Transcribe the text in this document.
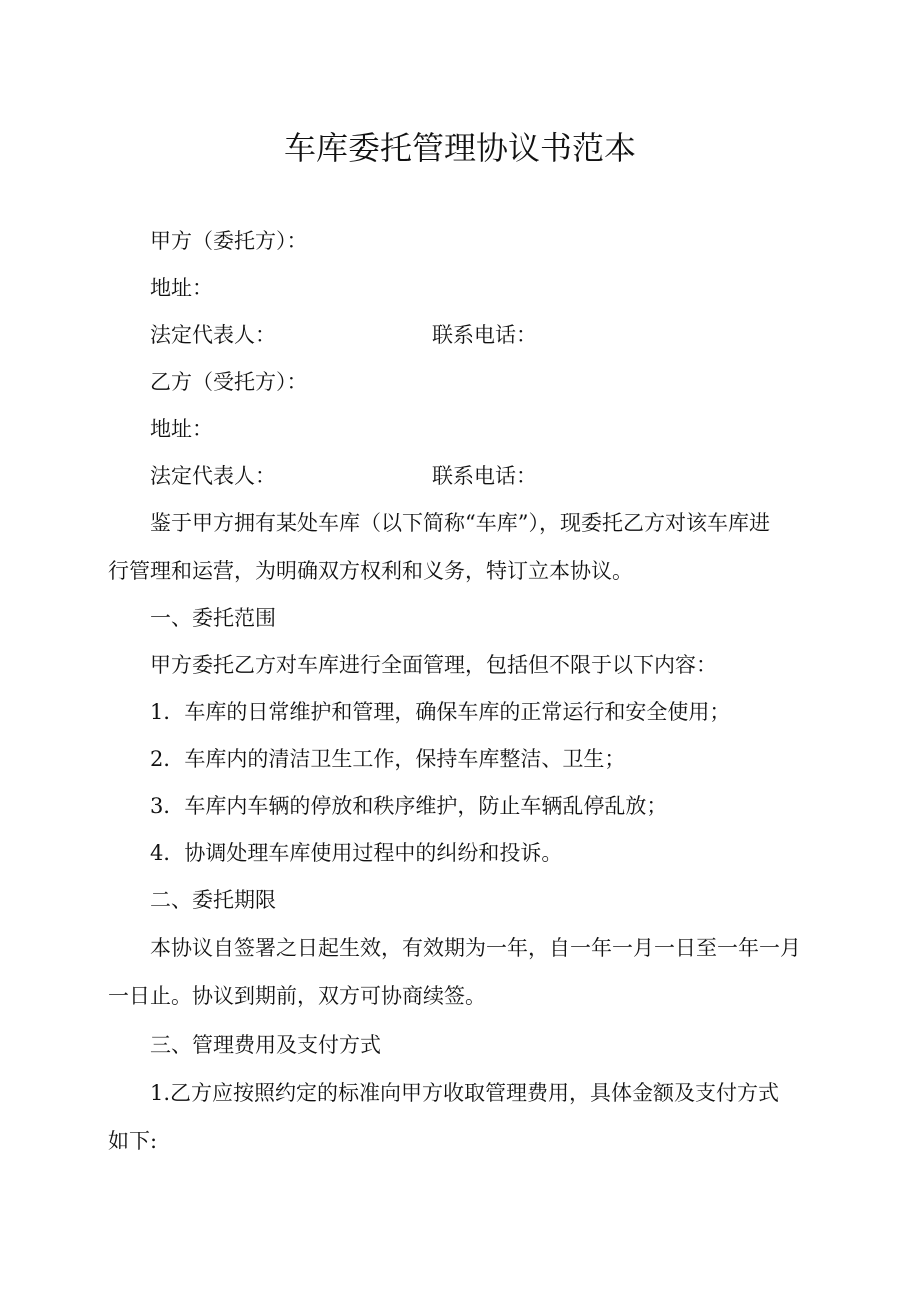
车库委托管理协议书范本
甲方（委托方）：
地址：
法定代表人：	联系电话：
乙方（受托方）：
地址：
法定代表人：	联系电话：
鉴于甲方拥有某处车库（以下简称“车库”），现委托乙方对该车库进
行管理和运营，为明确双方权利和义务，特订立本协议。
一、委托范围
甲方委托乙方对车库进行全面管理，包括但不限于以下内容：
1．车库的日常维护和管理，确保车库的正常运行和安全使用；
2．车库内的清洁卫生工作，保持车库整洁、卫生；
3．车库内车辆的停放和秩序维护，防止车辆乱停乱放；
4．协调处理车库使用过程中的纠纷和投诉。
二、委托期限
本协议自签署之日起生效，有效期为一年，自一年一月一日至一年一月
一日止。协议到期前，双方可协商续签。
三、管理费用及支付方式
1.乙方应按照约定的标准向甲方收取管理费用，具体金额及支付方式
如下:
